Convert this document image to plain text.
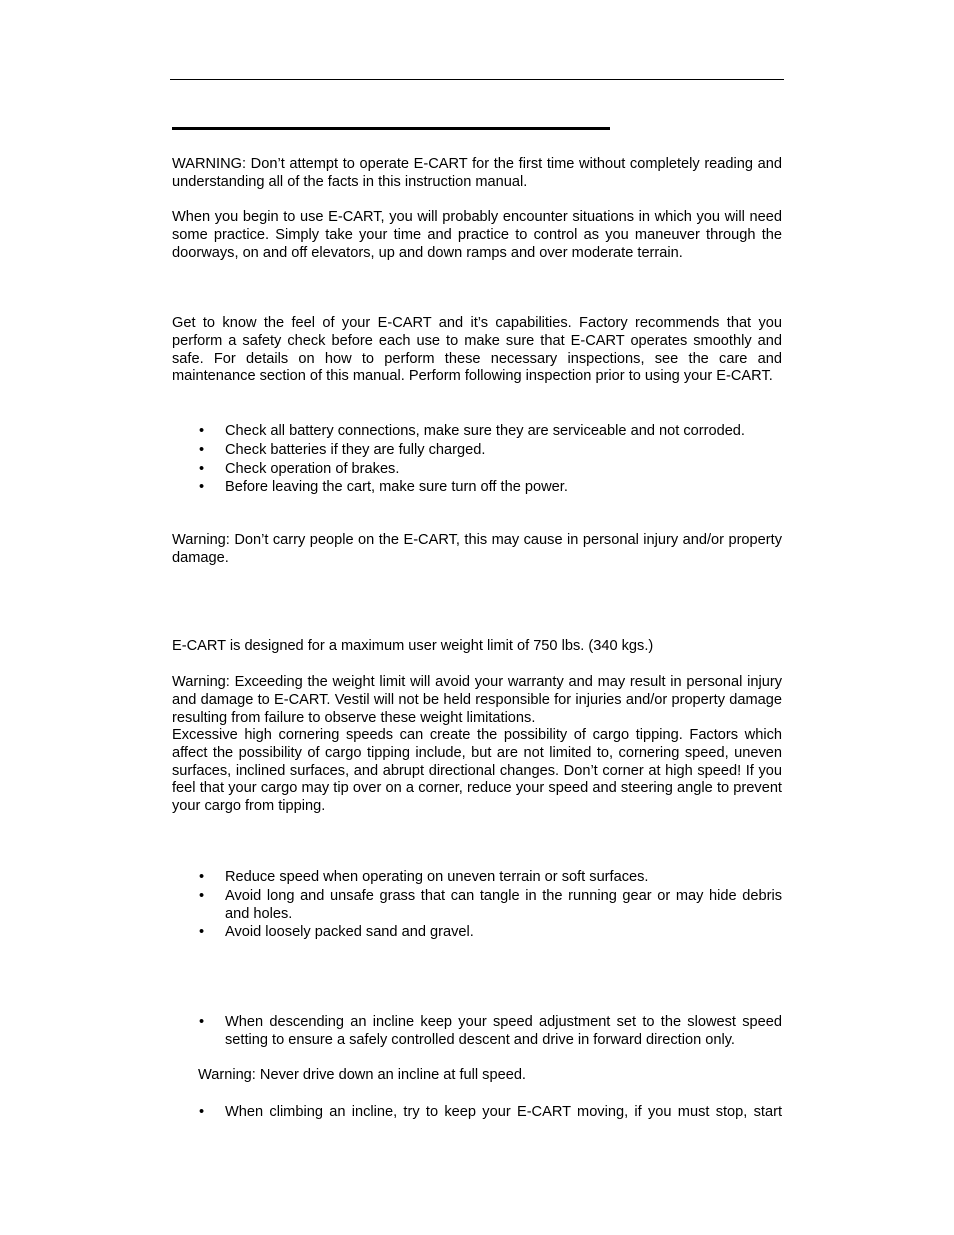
WARNING: Don’t attempt to operate E-CART for the first time without completely reading and understanding all of the facts in this instruction manual.

When you begin to use E-CART, you will probably encounter situations in which you will need some practice. Simply take your time and practice to control as you maneuver through the doorways, on and off elevators, up and down ramps and over moderate terrain.

Get to know the feel of your E-CART and it’s capabilities. Factory recommends that you perform a safety check before each use to make sure that E-CART operates smoothly and safe. For details on how to perform these necessary inspections, see the care and maintenance section of this manual. Perform following inspection prior to using your E-CART.

• Check all battery connections, make sure they are serviceable and not corroded.
• Check batteries if they are fully charged.
• Check operation of brakes.
• Before leaving the cart, make sure turn off the power.

Warning: Don’t carry people on the E-CART, this may cause in personal injury and/or property damage.

E-CART is designed for a maximum user weight limit of 750 lbs. (340 kgs.)

Warning: Exceeding the weight limit will avoid your warranty and may result in personal injury and damage to E-CART. Vestil will not be held responsible for injuries and/or property damage resulting from failure to observe these weight limitations.

Excessive high cornering speeds can create the possibility of cargo tipping. Factors which affect the possibility of cargo tipping include, but are not limited to, cornering speed, uneven surfaces, inclined surfaces, and abrupt directional changes. Don’t corner at high speed! If you feel that your cargo may tip over on a corner, reduce your speed and steering angle to prevent your cargo from tipping.

• Reduce speed when operating on uneven terrain or soft surfaces.
• Avoid long and unsafe grass that can tangle in the running gear or may hide debris and holes.
• Avoid loosely packed sand and gravel.
• When descending an incline keep your speed adjustment set to the slowest speed setting to ensure a safely controlled descent and drive in forward direction only.

Warning: Never drive down an incline at full speed.

• When climbing an incline, try to keep your E-CART moving, if you must stop, start
